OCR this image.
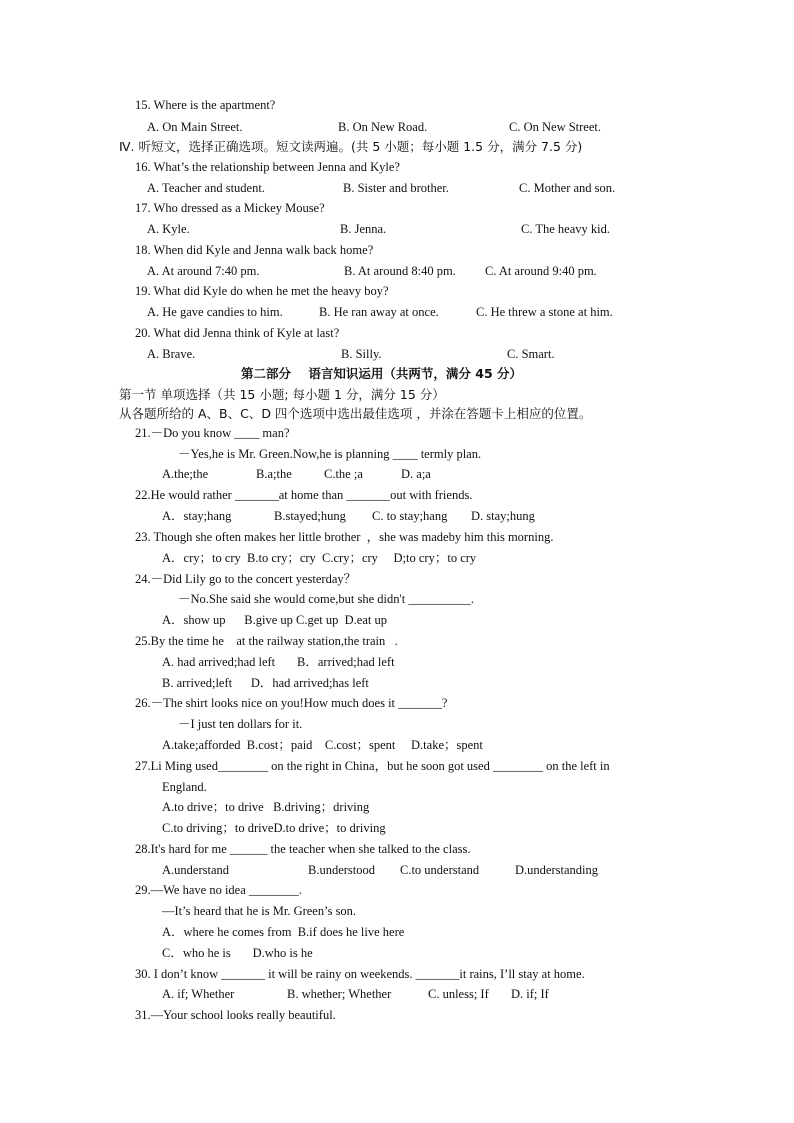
15. Where is the apartment?
A. On Main Street.	B. On New Road.	C. On New Street.
Ⅳ. 听短文，选择正确选项。短文读两遍。(共 5 小题；每小题 1.5 分，满分 7.5 分)
16. What’s the relationship between Jenna and Kyle?
A. Teacher and student.	B. Sister and brother.	C. Mother and son.
17. Who dressed as a Mickey Mouse?
A. Kyle.	B. Jenna.	C. The heavy kid.
18. When did Kyle and Jenna walk back home?
A. At around 7:40 pm.	B. At around 8:40 pm. C. At around 9:40 pm.
19. What did Kyle do when he met the heavy boy?
A. He gave candies to him.	B. He ran away at once.	C. He threw a stone at him.
20. What did Jenna think of Kyle at last?
A. Brave.	B. Silly.	C. Smart.
第二部分    语言知识运用（共两节，满分 45 分）
第一节 单项选择（共 15 小题; 每小题 1 分，满分 15 分）
从各题所给的 A、B、C、D 四个选项中选出最佳选项 ，并涂在答题卡上相应的位置。
21.－Do you know ____ man?
－Yes,he is Mr. Green.Now,he is planning ____ termly plan.
A.the;the	B.a;the	C.the ;a	D. a;a
22.He would rather _______at home than _______out with friends.
A．stay;hang	B.stayed;hung C. to stay;hang D. stay;hung
23. Though she often makes her little brother  ，she was madeby him this morning.
A．cry；to cry  B.to cry；cry  C.cry；cry     D;to cry；to cry
24.－Did Lily go to the concert yesterday？
－No.She said she would come,but she didn't __________.
A．show up      B.give up C.get up  D.eat up
25.By the time he    at the railway station,the train   .
A. had arrived;had left       B．arrived;had left
B. arrived;left      D．had arrived;has left
26.－The shirt looks nice on you!How much does it _______?
－I just ten dollars for it.
A.take;afforded  B.cost；paid    C.cost；spent     D.take；spent
27.Li Ming used________ on the right in China，but he soon got used ________ on the left in
England.
A.to drive；to drive   B.driving；driving
C.to driving；to driveD.to drive；to driving
28.It's hard for me ______ the teacher when she talked to the class.
A.understand	B.understood C.to understand	D.understanding
29.—We have no idea ________.
—It’s heard that he is Mr. Green’s son.
A．where he comes from  B.if does he live here
C．who he is       D.who is he
30. I don’t know _______ it will be rainy on weekends. _______it rains, I’ll stay at home.
A. if; Whether	B. whether; Whether	C. unless; If D. if; If
31.—Your school looks really beautiful.
